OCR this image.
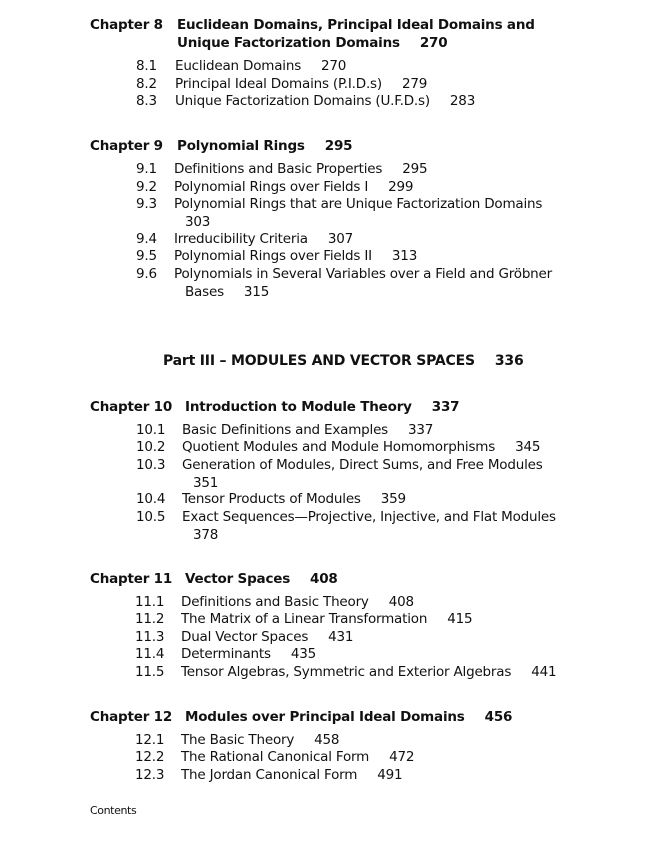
Chapter 8 Euclidean Domains, Principal Ideal Domains and
Unique Factorization Domains 270
8.1 Euclidean Domains 270
8.2 Principal Ideal Domains (P.I.D.s) 279
8.3 Unique Factorization Domains (U.F.D.s) 283
Chapter 9 Polynomial Rings 295
9.1 Definitions and Basic Properties 295
9.2 Polynomial Rings over Fields I 299
9.3 Polynomial Rings that are Unique Factorization Domains
303
9.4 Irreducibility Criteria 307
9.5 Polynomial Rings over Fields II 313
9.6 Polynomials in Several Variables over a Field and Gröbner
Bases 315
Part III – MODULES AND VECTOR SPACES 336
Chapter 10 Introduction to Module Theory 337
10.1 Basic Definitions and Examples 337
10.2 Quotient Modules and Module Homomorphisms 345
10.3 Generation of Modules, Direct Sums, and Free Modules
351
10.4 Tensor Products of Modules 359
10.5 Exact Sequences—Projective, Injective, and Flat Modules
378
Chapter 11 Vector Spaces 408
11.1 Definitions and Basic Theory 408
11.2 The Matrix of a Linear Transformation 415
11.3 Dual Vector Spaces 431
11.4 Determinants 435
11.5 Tensor Algebras, Symmetric and Exterior Algebras 441
Chapter 12 Modules over Principal Ideal Domains 456
12.1 The Basic Theory 458
12.2 The Rational Canonical Form 472
12.3 The Jordan Canonical Form 491
Contents
